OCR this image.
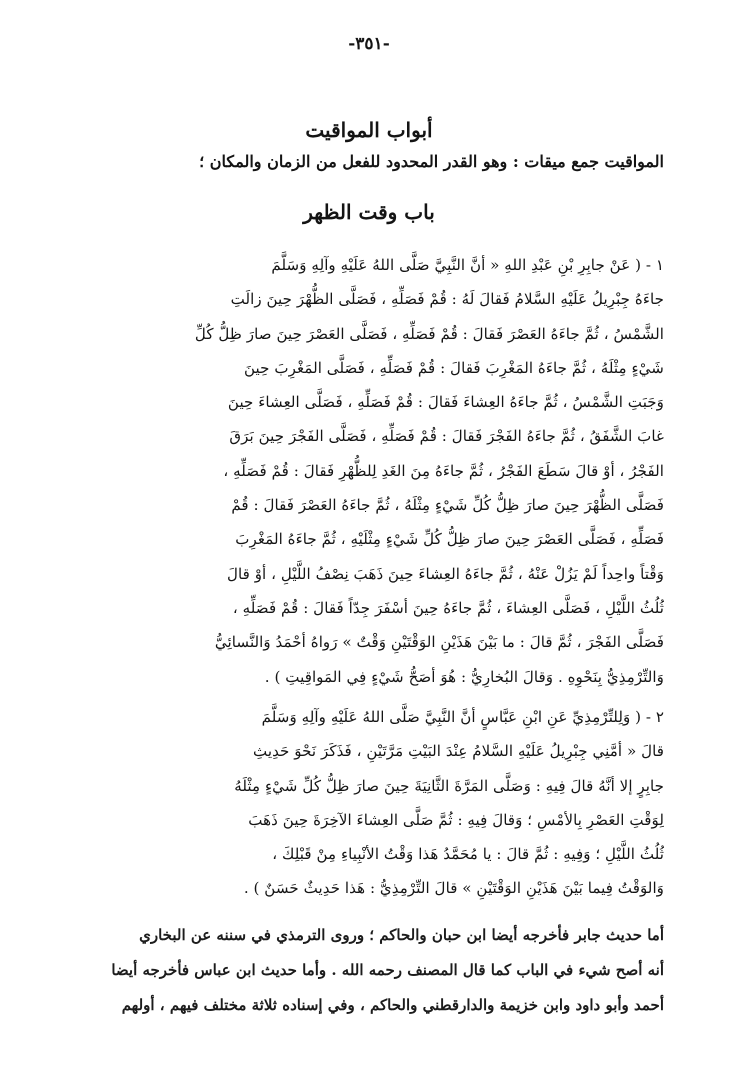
-٣٥١-
أبواب المواقيت
المواقيت جمع ميقات : وهو القدر المحدود للفعل من الزمان والمكان ؛
باب وقت الظهر
١ - ( عَنْ جابِرِ بْنِ عَبْدِ اللهِ « أنَّ النَّبِيَّ صَلَّى اللهُ عَلَيْهِ وآلِهِ وَسَلَّمَ
جاءَهُ جِبْرِيلُ عَلَيْهِ السَّلامُ فَقالَ لَهُ : قُمْ فَصَلِّهِ ، فَصَلَّى الظُّهْرَ حِينَ زالَتِ
الشَّمْسُ ، ثُمَّ جاءَهُ العَصْرَ فَقالَ : قُمْ فَصَلِّهِ ، فَصَلَّى العَصْرَ حِينَ صارَ ظِلُّ كُلِّ
شَيْءٍ مِثْلَهُ ، ثُمَّ جاءَهُ المَغْرِبَ فَقالَ : قُمْ فَصَلِّهِ ، فَصَلَّى المَغْرِبَ حِينَ
وَجَبَتِ الشَّمْسُ ، ثُمَّ جاءَهُ العِشاءَ فَقالَ : قُمْ فَصَلِّهِ ، فَصَلَّى العِشاءَ حِينَ
غابَ الشَّفَقُ ، ثُمَّ جاءَهُ الفَجْرَ فَقالَ : قُمْ فَصَلِّهِ ، فَصَلَّى الفَجْرَ حِينَ بَرَقَ
الفَجْرُ ، أوْ قالَ سَطَعَ الفَجْرُ ، ثُمَّ جاءَهُ مِنَ الغَدِ لِلظُّهْرِ فَقالَ : قُمْ فَصَلِّهِ ،
فَصَلَّى الظُّهْرَ حِينَ صارَ ظِلُّ كُلِّ شَيْءٍ مِثْلَهُ ، ثُمَّ جاءَهُ العَصْرَ فَقالَ : قُمْ
فَصَلِّهِ ، فَصَلَّى العَصْرَ حِينَ صارَ ظِلُّ كُلِّ شَيْءٍ مِثْلَيْهِ ، ثُمَّ جاءَهُ المَغْرِبَ
وَقْتاً واحِداً لَمْ يَزُلْ عَنْهُ ، ثُمَّ جاءَهُ العِشاءَ حِينَ ذَهَبَ نِصْفُ اللَّيْلِ ، أوْ قالَ
ثُلُثُ اللَّيْلِ ، فَصَلَّى العِشاءَ ، ثُمَّ جاءَهُ حِينَ أسْفَرَ جِدّاً فَقالَ : قُمْ فَصَلِّهِ ،
فَصَلَّى الفَجْرَ ، ثُمَّ قالَ : ما بَيْنَ هَذَيْنِ الوَقْتَيْنِ وَقْتٌ » رَواهُ أحْمَدُ وَالنَّسائِيُّ
وَالتِّرْمِذِيُّ بِنَحْوِهِ . وَقالَ البُخارِيُّ : هُوَ أصَحُّ شَيْءٍ فِي المَواقِيتِ ) .
٢ - ( وَلِلتِّرْمِذِيِّ عَنِ ابْنِ عَبَّاسٍ أنَّ النَّبِيَّ صَلَّى اللهُ عَلَيْهِ وآلِهِ وَسَلَّمَ
قالَ « أمَّنِي جِبْرِيلُ عَلَيْهِ السَّلامُ عِنْدَ البَيْتِ مَرَّتَيْنِ ، فَذَكَرَ نَحْوَ حَدِيثِ
جابِرٍ إلا أنَّهُ قالَ فِيهِ : وَصَلَّى المَرَّةَ الثَّانِيَةَ حِينَ صارَ ظِلُّ كُلِّ شَيْءٍ مِثْلَهُ
لِوَقْتِ العَصْرِ بِالأمْسِ ؛ وَقالَ فِيهِ : ثُمَّ صَلَّى العِشاءَ الآخِرَةَ حِينَ ذَهَبَ
ثُلُثُ اللَّيْلِ ؛ وَفِيهِ : ثُمَّ قالَ : يا مُحَمَّدُ هَذا وَقْتُ الأنْبِياءِ مِنْ قَبْلِكَ ،
وَالوَقْتُ فِيما بَيْنَ هَذَيْنِ الوَقْتَيْنِ » قالَ التِّرْمِذِيُّ : هَذا حَدِيثٌ حَسَنٌ ) .
أما حديث جابر فأخرجه أيضا ابن حبان والحاكم ؛ وروى الترمذي في سننه عن البخاري
أنه أصح شيء في الباب كما قال المصنف رحمه الله . وأما حديث ابن عباس فأخرجه أيضا
أحمد وأبو داود وابن خزيمة والدارقطني والحاكم ، وفي إسناده ثلاثة مختلف فيهم ، أولهم
